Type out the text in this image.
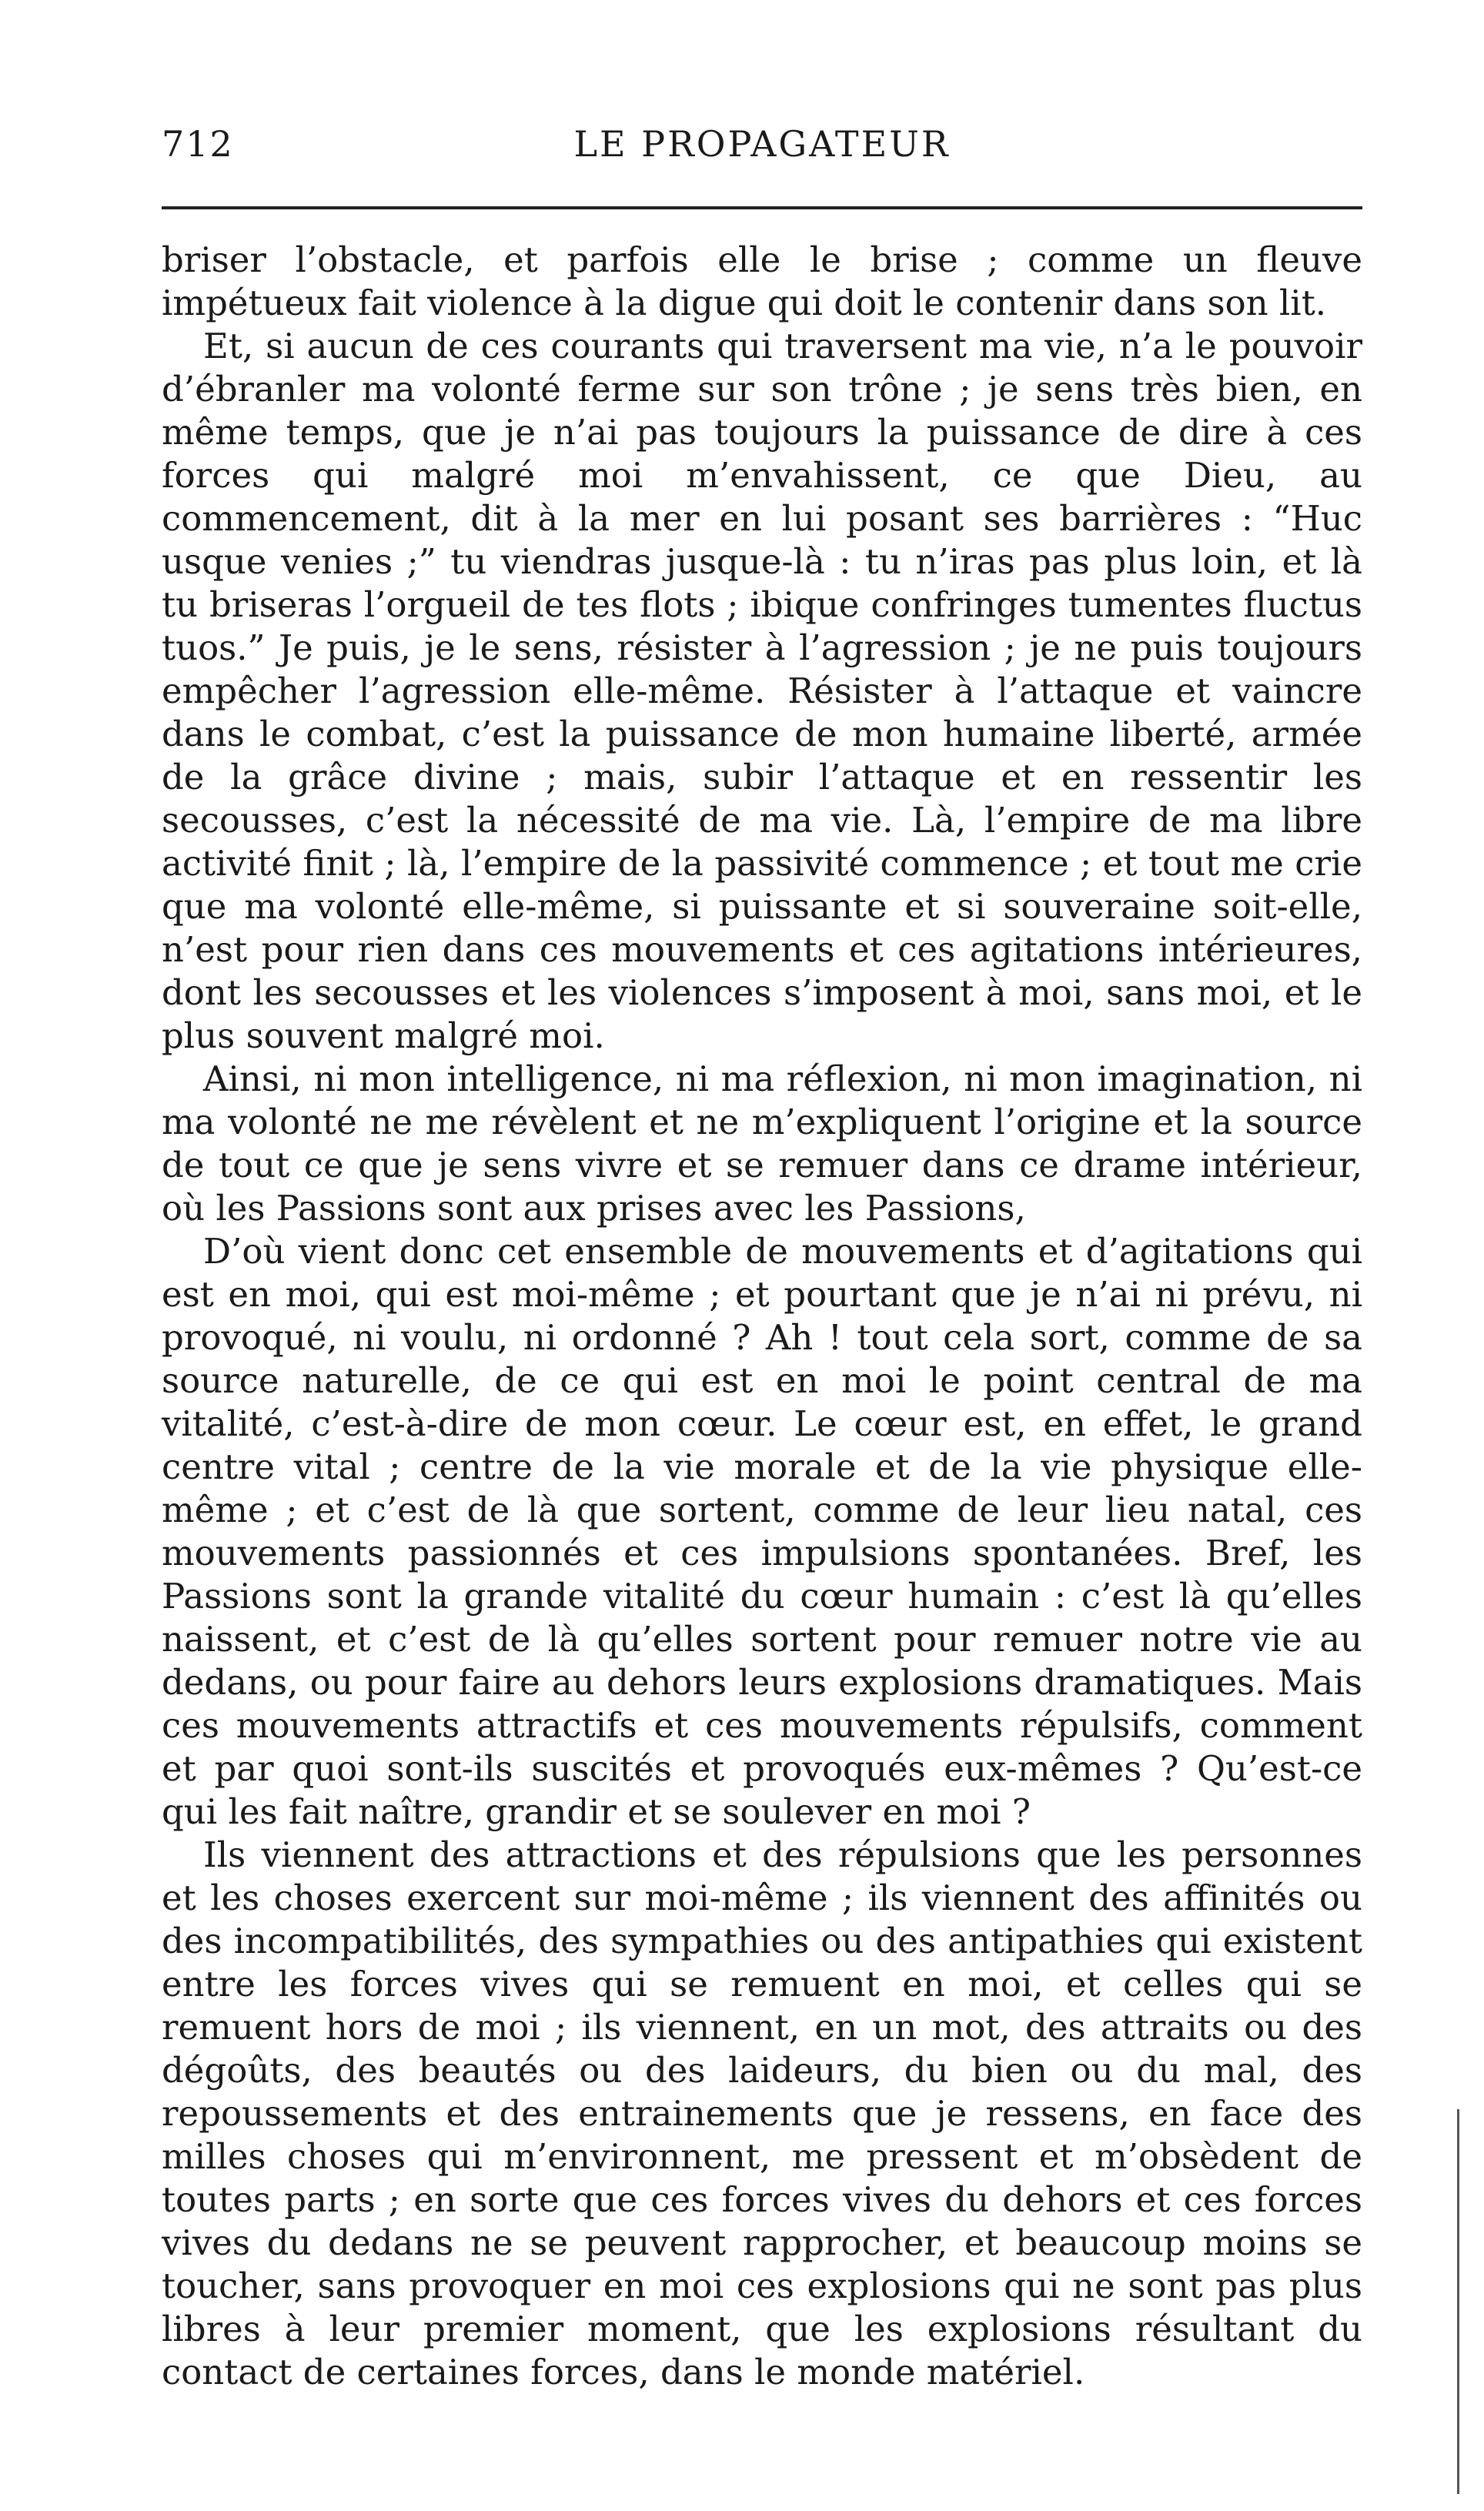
712	LE PROPAGATEUR

briser l’obstacle, et parfois elle le brise ; comme un fleuve impétueux fait violence à la digue qui doit le contenir dans son lit.

Et, si aucun de ces courants qui traversent ma vie, n’a le pouvoir d’ébranler ma volonté ferme sur son trône ; je sens très bien, en même temps, que je n’ai pas toujours la puissance de dire à ces forces qui malgré moi m’envahissent, ce que Dieu, au commencement, dit à la mer en lui posant ses barrières : “Huc usque venies ;” tu viendras jusque-là : tu n’iras pas plus loin, et là tu briseras l’orgueil de tes flots ; ibique confringes tumentes fluctus tuos.” Je puis, je le sens, résister à l’agression ; je ne puis toujours empêcher l’agression elle-même. Résister à l’attaque et vaincre dans le combat, c’est la puissance de mon humaine liberté, armée de la grâce divine ; mais, subir l’attaque et en ressentir les secousses, c’est la nécessité de ma vie. Là, l’empire de ma libre activité finit ; là, l’empire de la passivité commence ; et tout me crie que ma volonté elle-même, si puissante et si souveraine soit-elle, n’est pour rien dans ces mouvements et ces agitations intérieures, dont les secousses et les violences s’imposent à moi, sans moi, et le plus souvent malgré moi.

Ainsi, ni mon intelligence, ni ma réflexion, ni mon imagination, ni ma volonté ne me révèlent et ne m’expliquent l’origine et la source de tout ce que je sens vivre et se remuer dans ce drame intérieur, où les Passions sont aux prises avec les Passions,

D’où vient donc cet ensemble de mouvements et d’agitations qui est en moi, qui est moi-même ; et pourtant que je n’ai ni prévu, ni provoqué, ni voulu, ni ordonné ? Ah ! tout cela sort, comme de sa source naturelle, de ce qui est en moi le point central de ma vitalité, c’est-à-dire de mon cœur. Le cœur est, en effet, le grand centre vital ; centre de la vie morale et de la vie physique elle-même ; et c’est de là que sortent, comme de leur lieu natal, ces mouvements passionnés et ces impulsions spontanées. Bref, les Passions sont la grande vitalité du cœur humain : c’est là qu’elles naissent, et c’est de là qu’elles sortent pour remuer notre vie au dedans, ou pour faire au dehors leurs explosions dramatiques. Mais ces mouvements attractifs et ces mouvements répulsifs, comment et par quoi sont-ils suscités et provoqués eux-mêmes ? Qu’est-ce qui les fait naître, grandir et se soulever en moi ?

Ils viennent des attractions et des répulsions que les personnes et les choses exercent sur moi-même ; ils viennent des affinités ou des incompatibilités, des sympathies ou des antipathies qui existent entre les forces vives qui se remuent en moi, et celles qui se remuent hors de moi ; ils viennent, en un mot, des attraits ou des dégoûts, des beautés ou des laideurs, du bien ou du mal, des repoussements et des entrainements que je ressens, en face des milles choses qui m’environnent, me pressent et m’obsèdent de toutes parts ; en sorte que ces forces vives du dehors et ces forces vives du dedans ne se peuvent rapprocher, et beaucoup moins se toucher, sans provoquer en moi ces explosions qui ne sont pas plus libres à leur premier moment, que les explosions résultant du contact de certaines forces, dans le monde matériel.
